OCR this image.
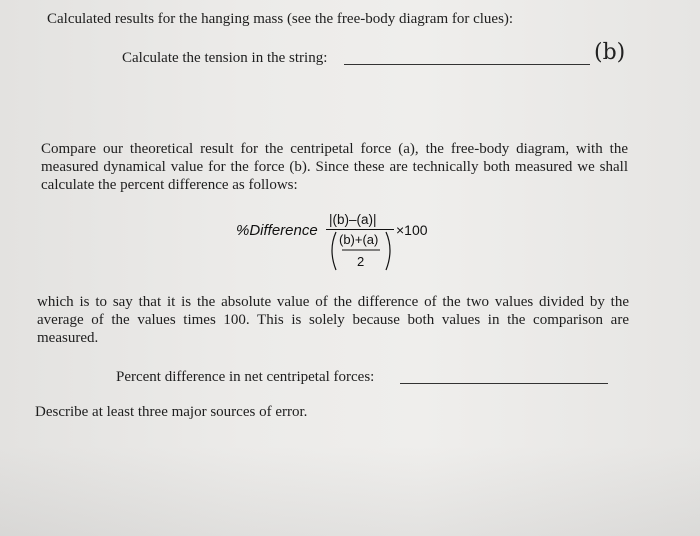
Calculated results for the hanging mass (see the free-body diagram for clues):
Calculate the tension in the string:	(b)
Compare our theoretical result for the centripetal force (a), the free-body diagram, with the measured dynamical value for the force (b). Since these are technically both measured we shall calculate the percent difference as follows:
%Difference
|(b)–(a)|
(b)+(a)
2
×100
which is to say that it is the absolute value of the difference of the two values divided by the average of the values times 100. This is solely because both values in the comparison are measured.
Percent difference in net centripetal forces:
Describe at least three major sources of error.
